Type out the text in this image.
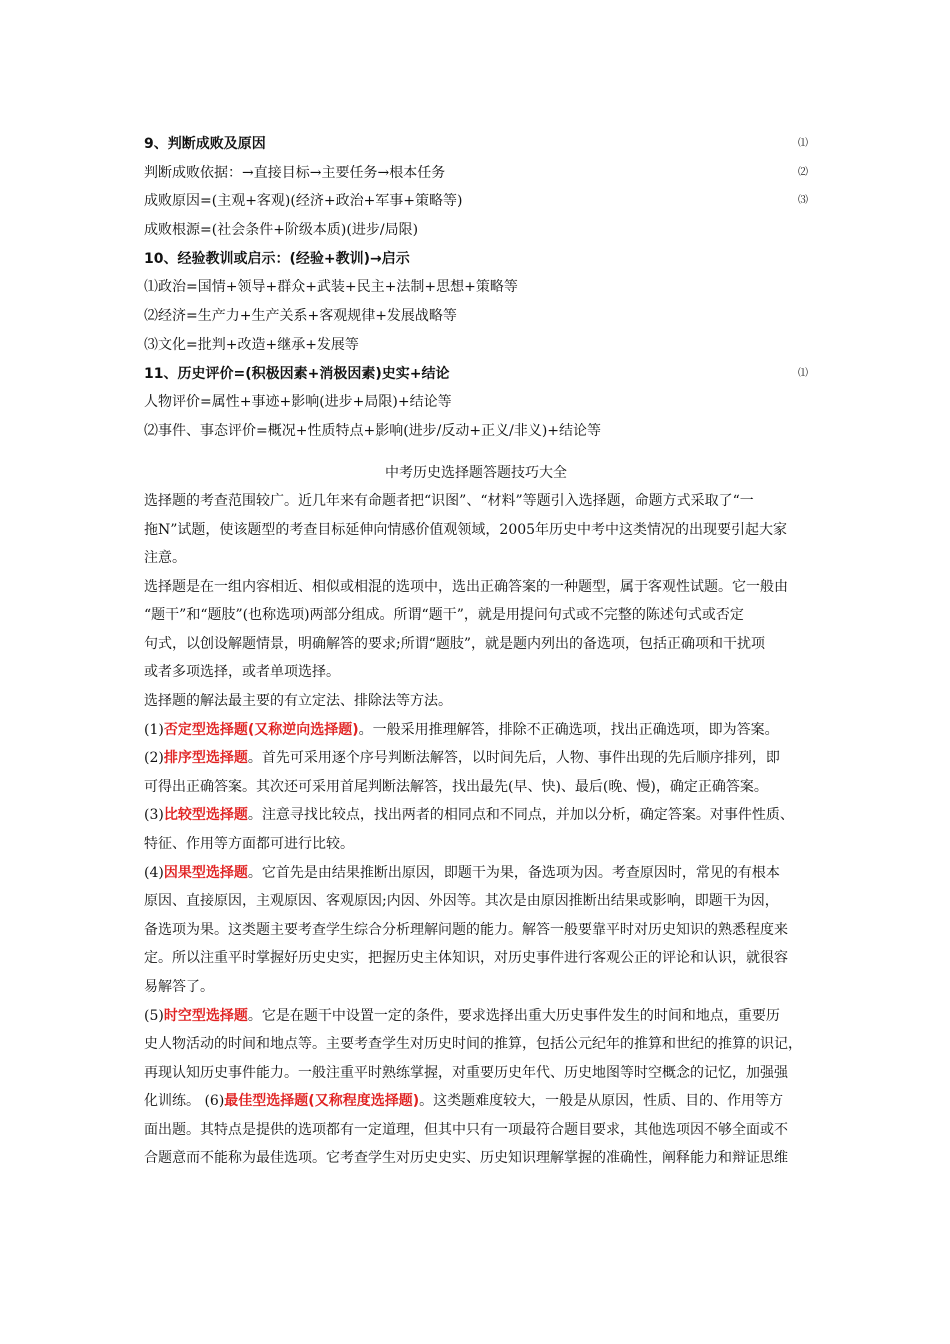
9、判断成败及原因	⑴
判断成败依据：→直接目标→主要任务→根本任务	⑵
成败原因=(主观+客观)(经济+政治+军事+策略等)	⑶
成败根源=(社会条件+阶级本质)(进步/局限)
10、经验教训或启示：(经验+教训)→启示
⑴政治=国情+领导+群众+武装+民主+法制+思想+策略等
⑵经济=生产力+生产关系+客观规律+发展战略等
⑶文化=批判+改造+继承+发展等
11、历史评价=(积极因素+消极因素)史实+结论	⑴
人物评价=属性+事迹+影响(进步+局限)+结论等
⑵事件、事态评价=概况+性质特点+影响(进步/反动+正义/非义)+结论等
中考历史选择题答题技巧大全
选择题的考查范围较广。近几年来有命题者把“识图”、“材料”等题引入选择题，命题方式采取了“一
拖N”试题，使该题型的考查目标延伸向情感价值观领域，2005年历史中考中这类情况的出现要引起大家
注意。
选择题是在一组内容相近、相似或相混的选项中，选出正确答案的一种题型，属于客观性试题。它一般由
“题干”和“题肢”(也称选项)两部分组成。所谓“题干”，就是用提问句式或不完整的陈述句式或否定
句式，以创设解题情景，明确解答的要求;所谓“题肢”，就是题内列出的备选项，包括正确项和干扰项
或者多项选择，或者单项选择。
选择题的解法最主要的有立定法、排除法等方法。
(1)否定型选择题(又称逆向选择题)。一般采用推理解答，排除不正确选项，找出正确选项，即为答案。
(2)排序型选择题。首先可采用逐个序号判断法解答，以时间先后，人物、事件出现的先后顺序排列，即
可得出正确答案。其次还可采用首尾判断法解答，找出最先(早、快)、最后(晚、慢)，确定正确答案。
(3)比较型选择题。注意寻找比较点，找出两者的相同点和不同点，并加以分析，确定答案。对事件性质、
特征、作用等方面都可进行比较。
(4)因果型选择题。它首先是由结果推断出原因，即题干为果，备选项为因。考查原因时，常见的有根本
原因、直接原因，主观原因、客观原因;内因、外因等。其次是由原因推断出结果或影响，即题干为因，
备选项为果。这类题主要考查学生综合分析理解问题的能力。解答一般要靠平时对历史知识的熟悉程度来
定。所以注重平时掌握好历史史实，把握历史主体知识，对历史事件进行客观公正的评论和认识，就很容
易解答了。
(5)时空型选择题。它是在题干中设置一定的条件，要求选择出重大历史事件发生的时间和地点，重要历
史人物活动的时间和地点等。主要考查学生对历史时间的推算，包括公元纪年的推算和世纪的推算的识记，
再现认知历史事件能力。一般注重平时熟练掌握，对重要历史年代、历史地图等时空概念的记忆，加强强
化训练。 (6)最佳型选择题(又称程度选择题)。这类题难度较大，一般是从原因，性质、目的、作用等方
面出题。其特点是提供的选项都有一定道理，但其中只有一项最符合题目要求，其他选项因不够全面或不
合题意而不能称为最佳选项。它考查学生对历史史实、历史知识理解掌握的准确性，阐释能力和辩证思维
